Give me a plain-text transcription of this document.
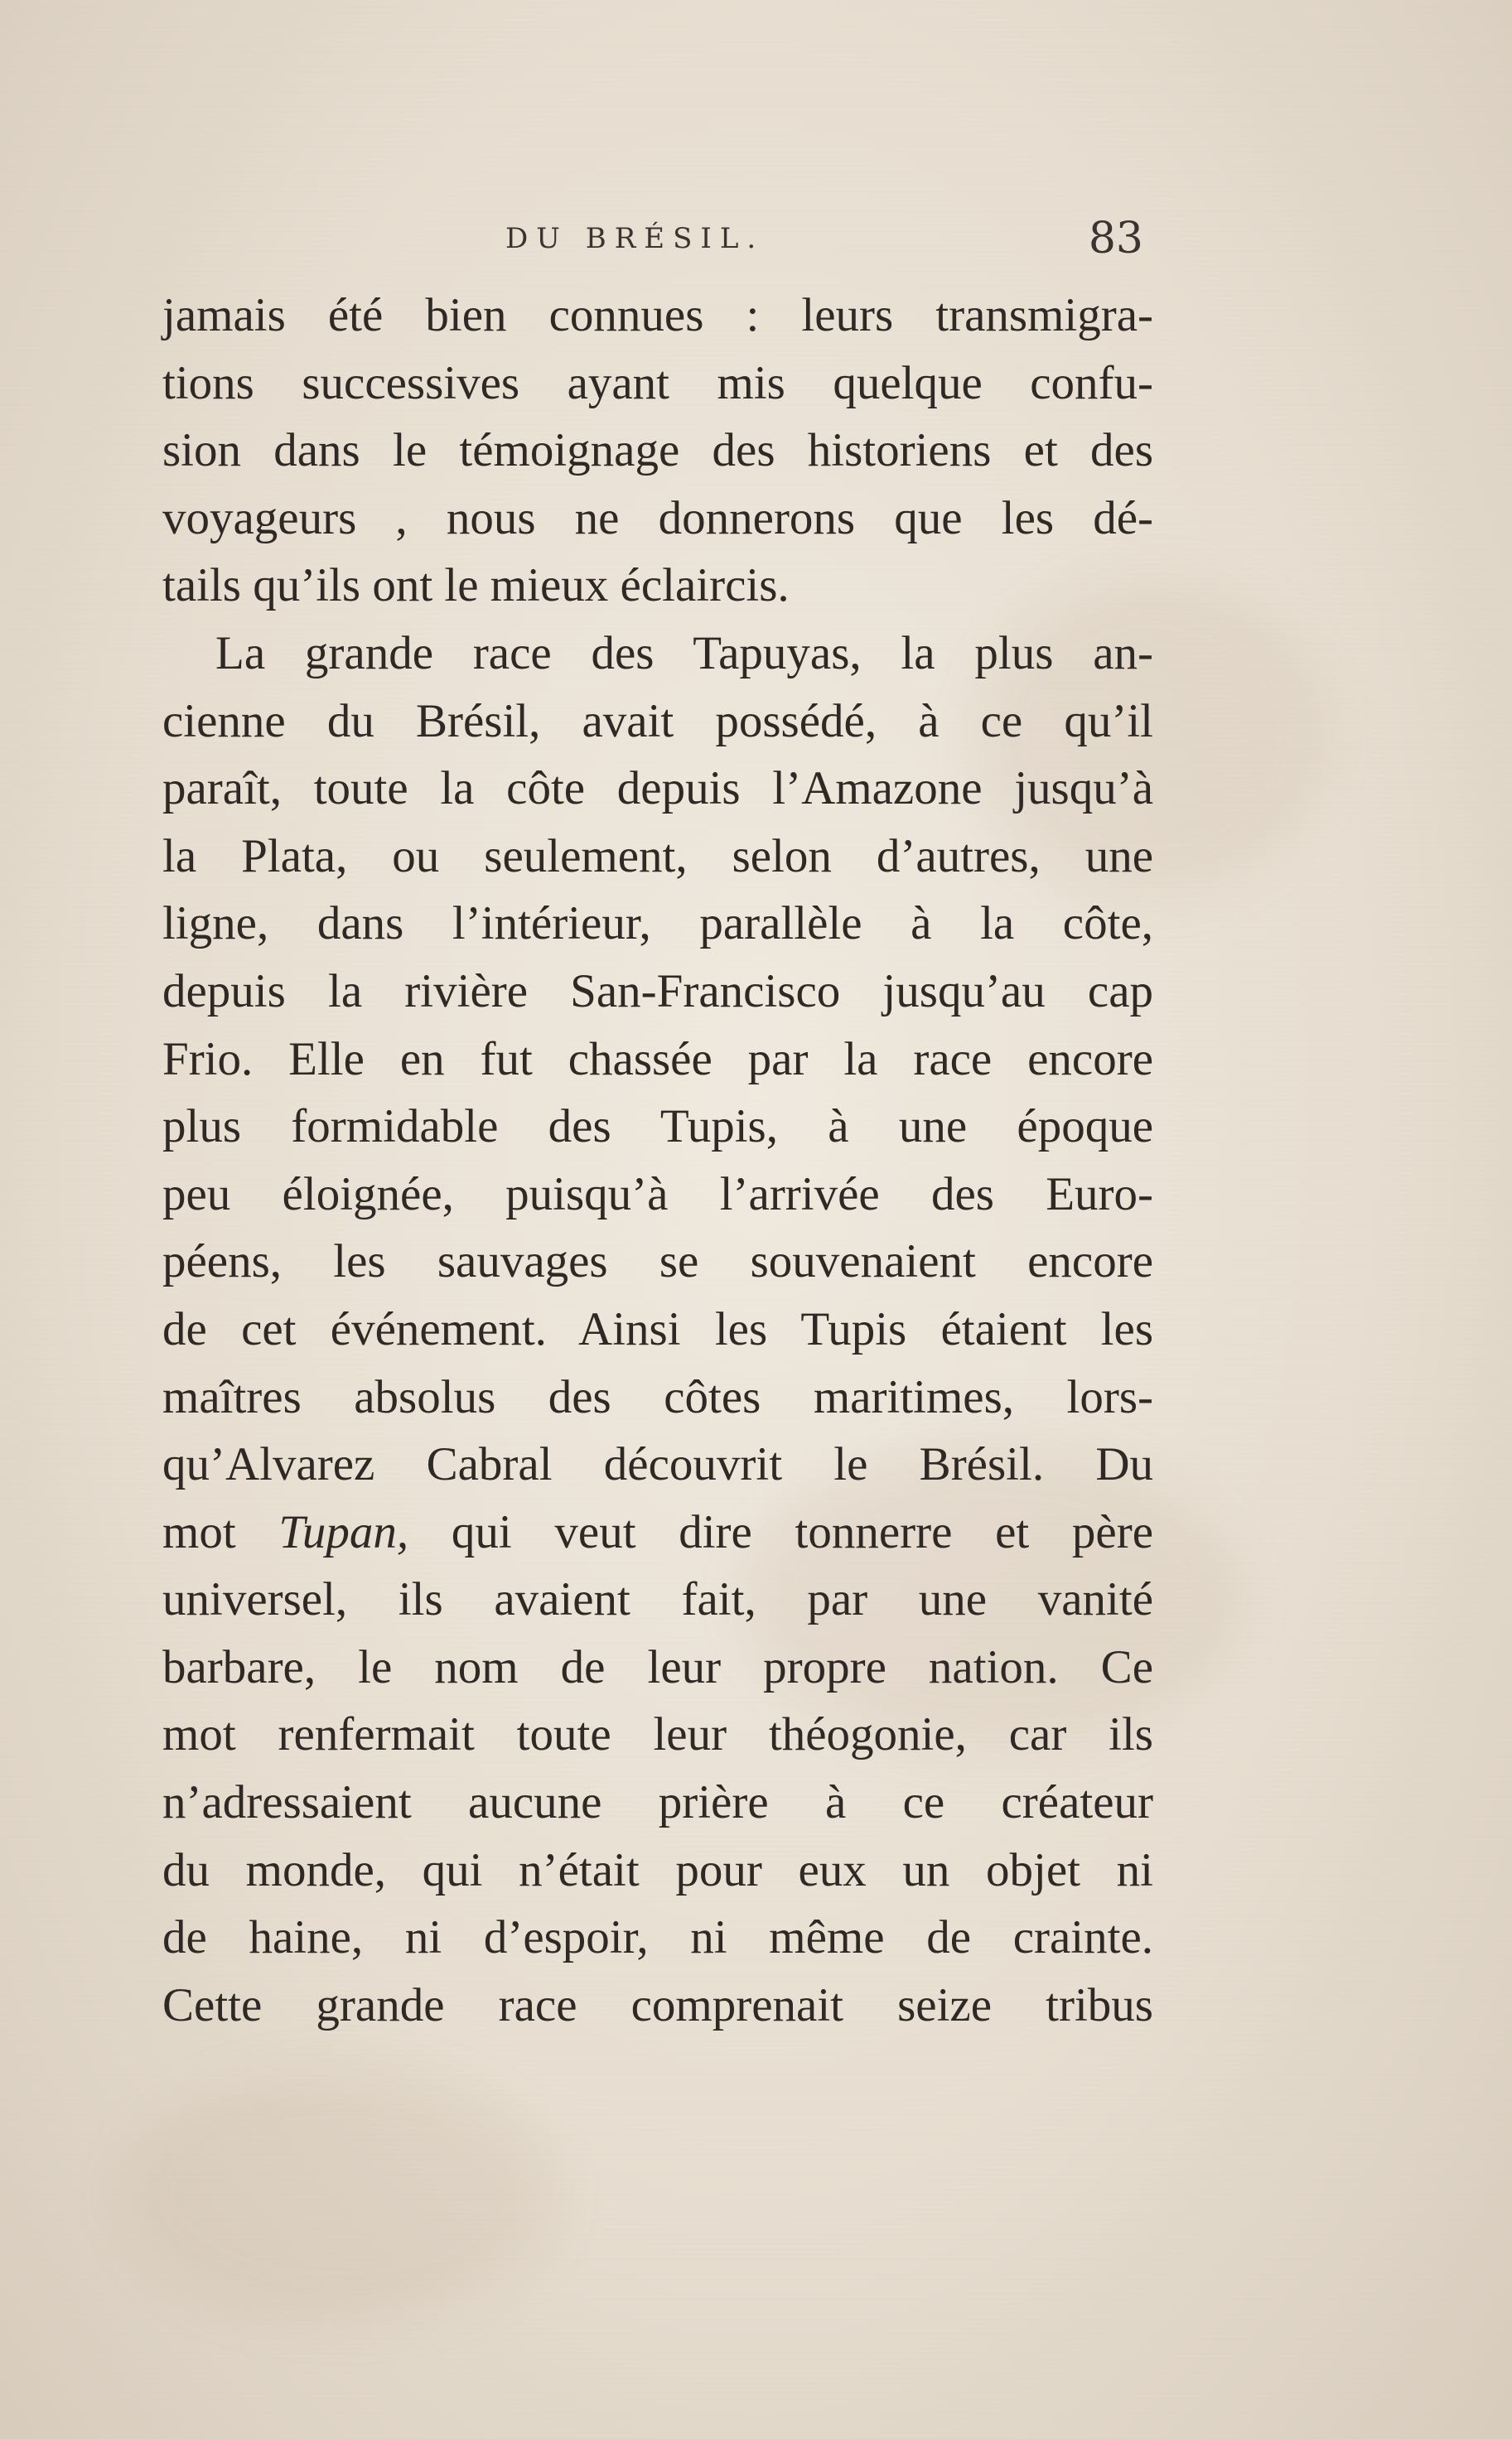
DU BRÉSIL.	83
jamais été bien connues : leurs transmigra-
tions successives ayant mis quelque confu-
sion dans le témoignage des historiens et des
voyageurs , nous ne donnerons que les dé-
tails qu’ils ont le mieux éclaircis.
La grande race des Tapuyas, la plus an-
cienne du Brésil, avait possédé, à ce qu’il
paraît, toute la côte depuis l’Amazone jusqu’à
la Plata, ou seulement, selon d’autres, une
ligne, dans l’intérieur, parallèle à la côte,
depuis la rivière San-Francisco jusqu’au cap
Frio. Elle en fut chassée par la race encore
plus formidable des Tupis, à une époque
peu éloignée, puisqu’à l’arrivée des Euro-
péens, les sauvages se souvenaient encore
de cet événement. Ainsi les Tupis étaient les
maîtres absolus des côtes maritimes, lors-
qu’Alvarez Cabral découvrit le Brésil. Du
mot Tupan, qui veut dire tonnerre et père
universel, ils avaient fait, par une vanité
barbare, le nom de leur propre nation. Ce
mot renfermait toute leur théogonie, car ils
n’adressaient aucune prière à ce créateur
du monde, qui n’était pour eux un objet ni
de haine, ni d’espoir, ni même de crainte.
Cette grande race comprenait seize tribus
